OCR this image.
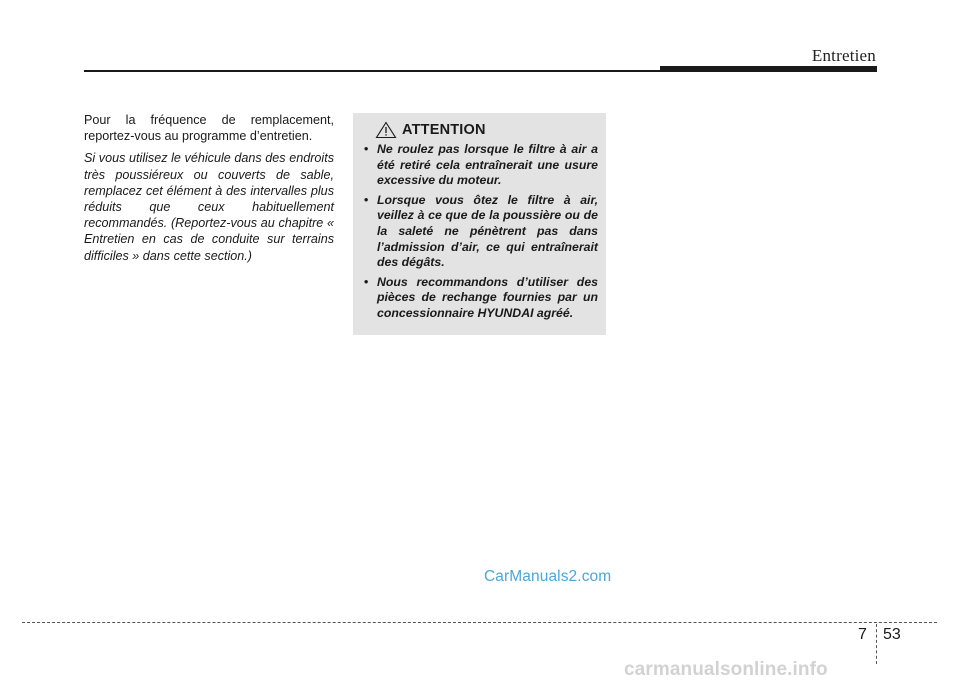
Entretien

Pour la fréquence de remplacement, reportez-vous au programme d’entretien.

Si vous utilisez le véhicule dans des endroits très poussiéreux ou couverts de sable, remplacez cet élément à des intervalles plus réduits que ceux habituellement recommandés. (Reportez-vous au chapitre « Entretien en cas de conduite sur terrains difficiles » dans cette section.)

ATTENTION
• Ne roulez pas lorsque le filtre à air a été retiré cela entraînerait une usure excessive du moteur.
• Lorsque vous ôtez le filtre à air, veillez à ce que de la poussière ou de la saleté ne pénètrent pas dans l’admission d’air, ce qui entraînerait des dégâts.
• Nous recommandons d’utiliser des pièces de rechange fournies par un concessionnaire HYUNDAI agréé.
CarManuals2.com
7 53
carmanualsonline.info
